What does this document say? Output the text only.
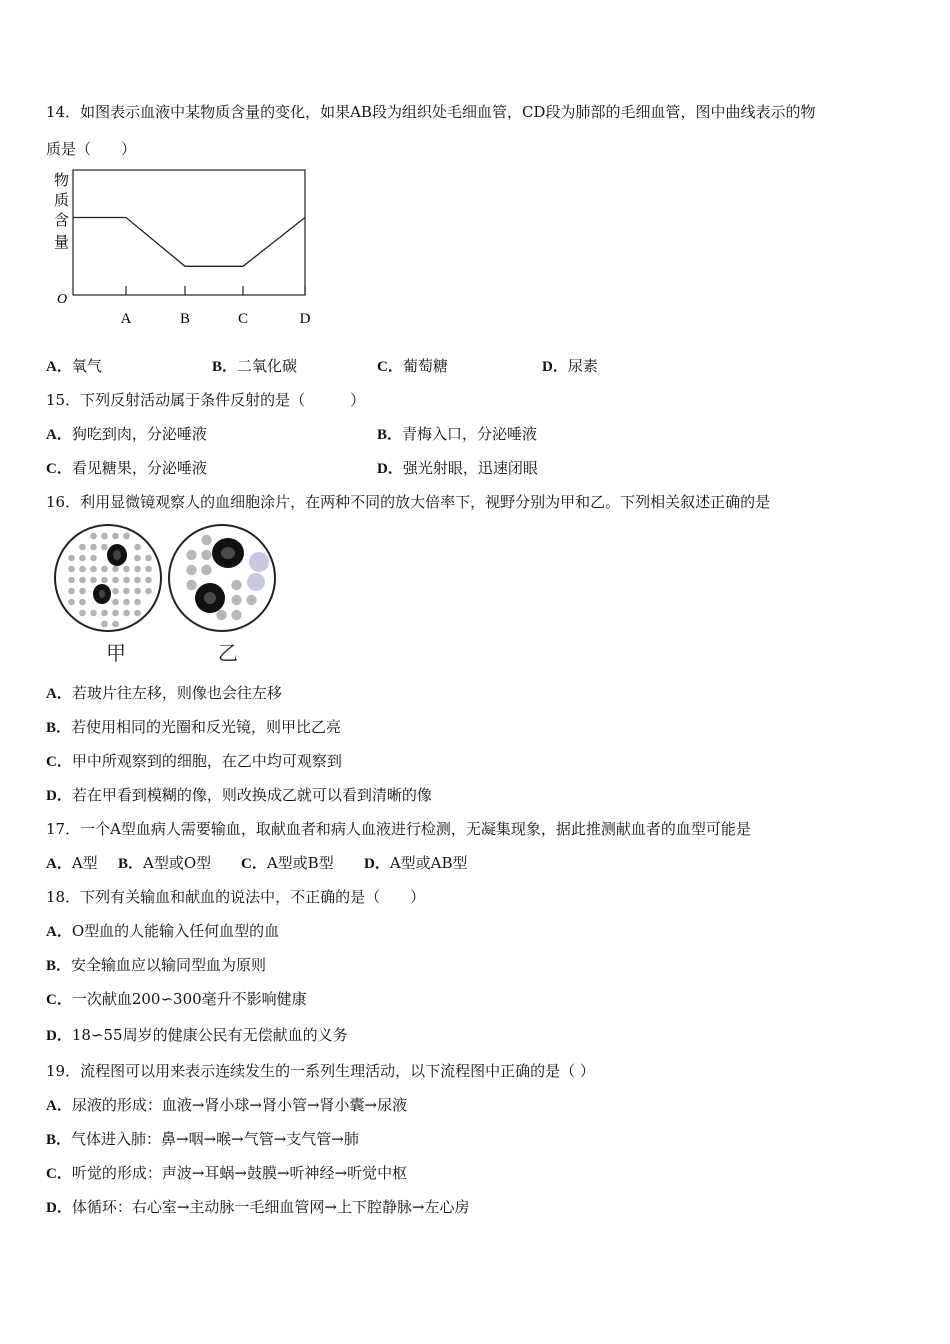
14．如图表示血液中某物质含量的变化，如果AB段为组织处毛细血管，CD段为肺部的毛细血管，图中曲线表示的物
质是（　　）
物
质
含
量
O
A	B	C	D
A．氧气	B．二氧化碳	C．葡萄糖	D．尿素
15．下列反射活动属于条件反射的是（　　　）
A．狗吃到肉，分泌唾液	B．青梅入口，分泌唾液
C．看见糖果，分泌唾液	D．强光射眼，迅速闭眼
16．利用显微镜观察人的血细胞涂片，在两种不同的放大倍率下，视野分别为甲和乙。下列相关叙述正确的是
甲	乙
A．若玻片往左移，则像也会往左移
B．若使用相同的光圈和反光镜，则甲比乙亮
C．甲中所观察到的细胞，在乙中均可观察到
D．若在甲看到模糊的像，则改换成乙就可以看到清晰的像
17．一个A型血病人需要输血，取献血者和病人血液进行检测，无凝集现象，据此推测献血者的血型可能是
A．A型 B．A型或O型 C．A型或B型 D．A型或AB型
18．下列有关输血和献血的说法中，不正确的是（　　）
A．O型血的人能输入任何血型的血
B．安全输血应以输同型血为原则
C．一次献血200∽300毫升不影响健康
D．18∽55周岁的健康公民有无偿献血的义务
19．流程图可以用来表示连续发生的一系列生理活动，以下流程图中正确的是（ ）
A．尿液的形成：血液→肾小球→肾小管→肾小囊→尿液
B．气体进入肺：鼻→咽→喉→气管→支气管→肺
C．听觉的形成：声波→耳蜗→鼓膜→听神经→听觉中枢
D．体循环：右心室→主动脉一毛细血管网→上下腔静脉→左心房
